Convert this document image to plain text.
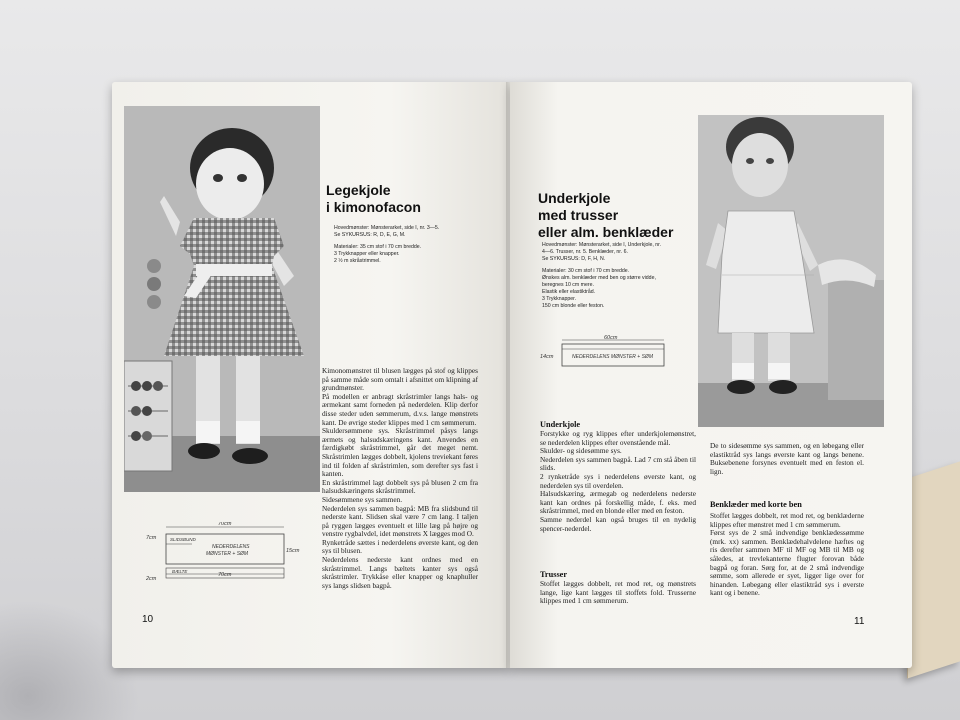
Legekjole
i kimonofacon
Hovedmønster: Mønsterarket, side I, nr. 3—5.
Se SYKURSUS: R, D, E, G, M.
Materialer: 35 cm stof i 70 cm bredde.
3 Trykknapper eller knapper.
2 ½ m skråstrimmel.

Kimonomønstret til blusen lægges på stof og klippes på samme måde som omtalt i afsnittet om klipning af grundmønster.

På modellen er anbragt skråstrimler langs hals- og ærmekant samt forneden på nederdelen. Klip derfor disse steder uden sømmerum, d.v.s. lange mønstrets kant. De øvrige steder klippes med 1 cm sømmerum.

Skuldersømmene sys. Skråstrimmel påsys langs ærmets og halsudskæringens kant. Anvendes en færdigkøbt skråstrimmel, går det meget nemt. Skråstrimlen lægges dobbelt, kjolens treviekant føres ind til folden af skråstrimlen, som derefter sys fast i kanten.

En skråstrimmel lagt dobbelt sys på blusen 2 cm fra halsudskæringens skråstrimmel.

Sidesømmene sys sammen.

Nederdelen sys sammen bagpå: MB fra slidsbund til nederste kant. Slidsen skal være 7 cm lang. I taljen på ryggen lægges eventuelt et lille læg på højre og venstre rygbalvdel, idet mønstrets X lægges mod O.

Rynketråde sættes i nederdelens øverste kant, og den sys til blusen.

Nederdelens nederste kant ordnes med en skråstrimmel. Langs bæltets kanter sys også skråstrimler. Trykkåse eller knapper og knaphuller sys langs slidsen bagpå.

7cm	SLIDSBUND
70cm
NEDERDELENS
MØNSTER + SØM	15cm
BÆLTE
70cm
2cm
10
Underkjole
med trusser
eller alm. benklæder
Hovedmønster: Mønsterarket, side I, Underkjole, nr.
4—6. Trusser, nr. 5. Benklæder, nr. 6.
Se SYKURSUS: D, F, H, N.
Materialer: 30 cm stof i 70 cm bredde.
Ønskes alm. benklæder med ben og større vidde,
beregnes 10 cm mere.
Elastik eller elastiktråd.
3 Trykknapper.
150 cm blonde eller feston.
60cm
14cm	NEDERDELENS MØNSTER + SØM
Underkjole

Forstykke og ryg klippes efter underkjolemønstret, se nederdelen klippes efter ovenstående mål.

Skulder- og sidesømme sys.

Nederdelen sys sammen bagpå. Lad 7 cm stå åben til slids.

2 rynketråde sys i nederdelens øverste kant, og nederdelen sys til overdelen.

Halsudskæring, ærmegab og nederdelens nederste kant kan ordnes på forskellig måde, f. eks. med skråstrimmel, med en blonde eller med en feston.

Samme nederdel kan også bruges til en nydelig spencer-nederdel.

Trusser

Stoffet lægges dobbelt, ret mod ret, og mønstrets lange, lige kant lægges til stoffets fold. Trussernе klippes med 1 cm sømmerum.

De to sidesømme sys sammen, og en løbegang eller elastiktråd sys langs øverste kant og langs benene. Buksebenene forsynes eventuelt med en feston el. lign.

Benklæder med korte ben

Stoffet lægges dobbelt, ret mod ret, og benklæderne klippes efter mønstret med 1 cm sømmerum.

Først sys de 2 små indvendige benklædessømme (mrk. xx) sammen. Benklædehalvdelene hæftes og ris derefter sammen MF til MF og MB til MB og således, at trevlekanterne flugter forovan både bagpå og foran. Sørg for, at de 2 små indvendige sømme, som allerede er syet, ligger lige over for hinanden. Løbegang eller elastiktråd sys i øverste kant og i benene.

11
